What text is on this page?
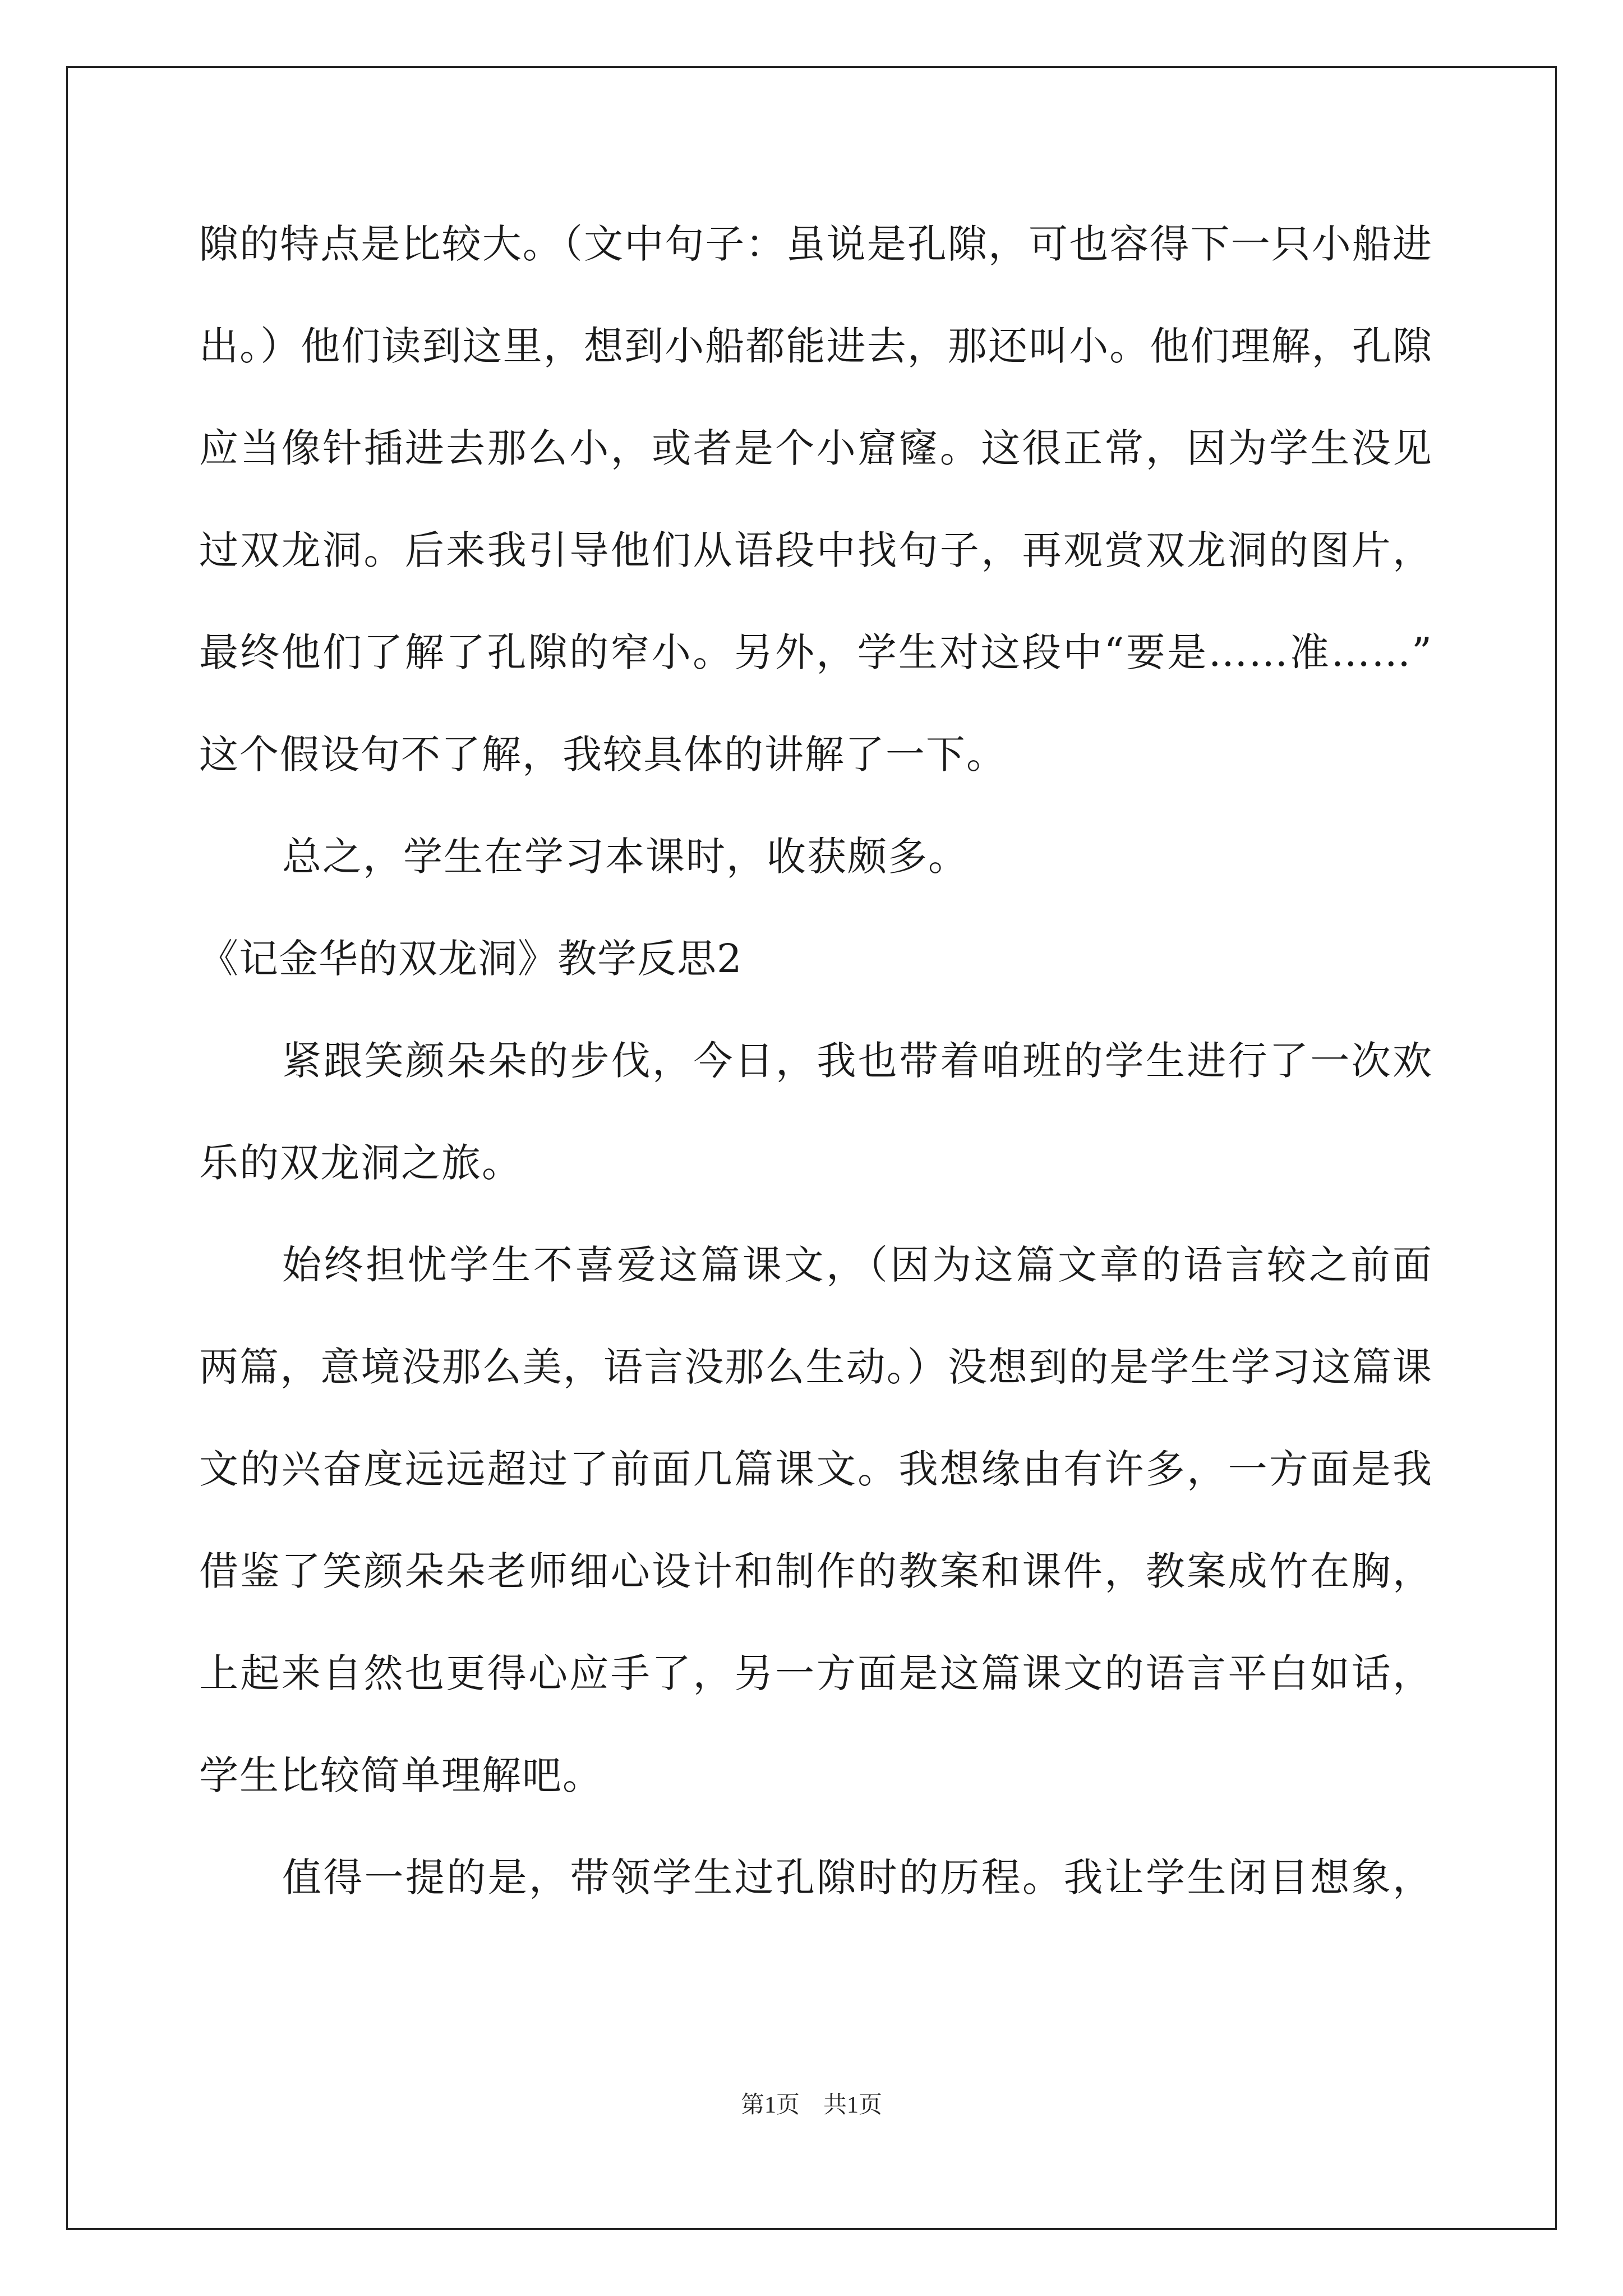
隙的特点是比较大。（文中句子：虽说是孔隙，可也容得下一只小船进
出。）他们读到这里，想到小船都能进去，那还叫小。他们理解，孔隙
应当像针插进去那么小，或者是个小窟窿。这很正常，因为学生没见
过双龙洞。后来我引导他们从语段中找句子，再观赏双龙洞的图片，
最终他们了解了孔隙的窄小。另外，学生对这段中“要是……准……”
这个假设句不了解，我较具体的讲解了一下。
总之，学生在学习本课时，收获颇多。
《记金华的双龙洞》教学反思2
紧跟笑颜朵朵的步伐，今日，我也带着咱班的学生进行了一次欢
乐的双龙洞之旅。
始终担忧学生不喜爱这篇课文，（因为这篇文章的语言较之前面
两篇，意境没那么美，语言没那么生动。）没想到的是学生学习这篇课
文的兴奋度远远超过了前面几篇课文。我想缘由有许多，一方面是我
借鉴了笑颜朵朵老师细心设计和制作的教案和课件，教案成竹在胸，
上起来自然也更得心应手了，另一方面是这篇课文的语言平白如话，
学生比较简单理解吧。
值得一提的是，带领学生过孔隙时的历程。我让学生闭目想象，
第1页    共1页
